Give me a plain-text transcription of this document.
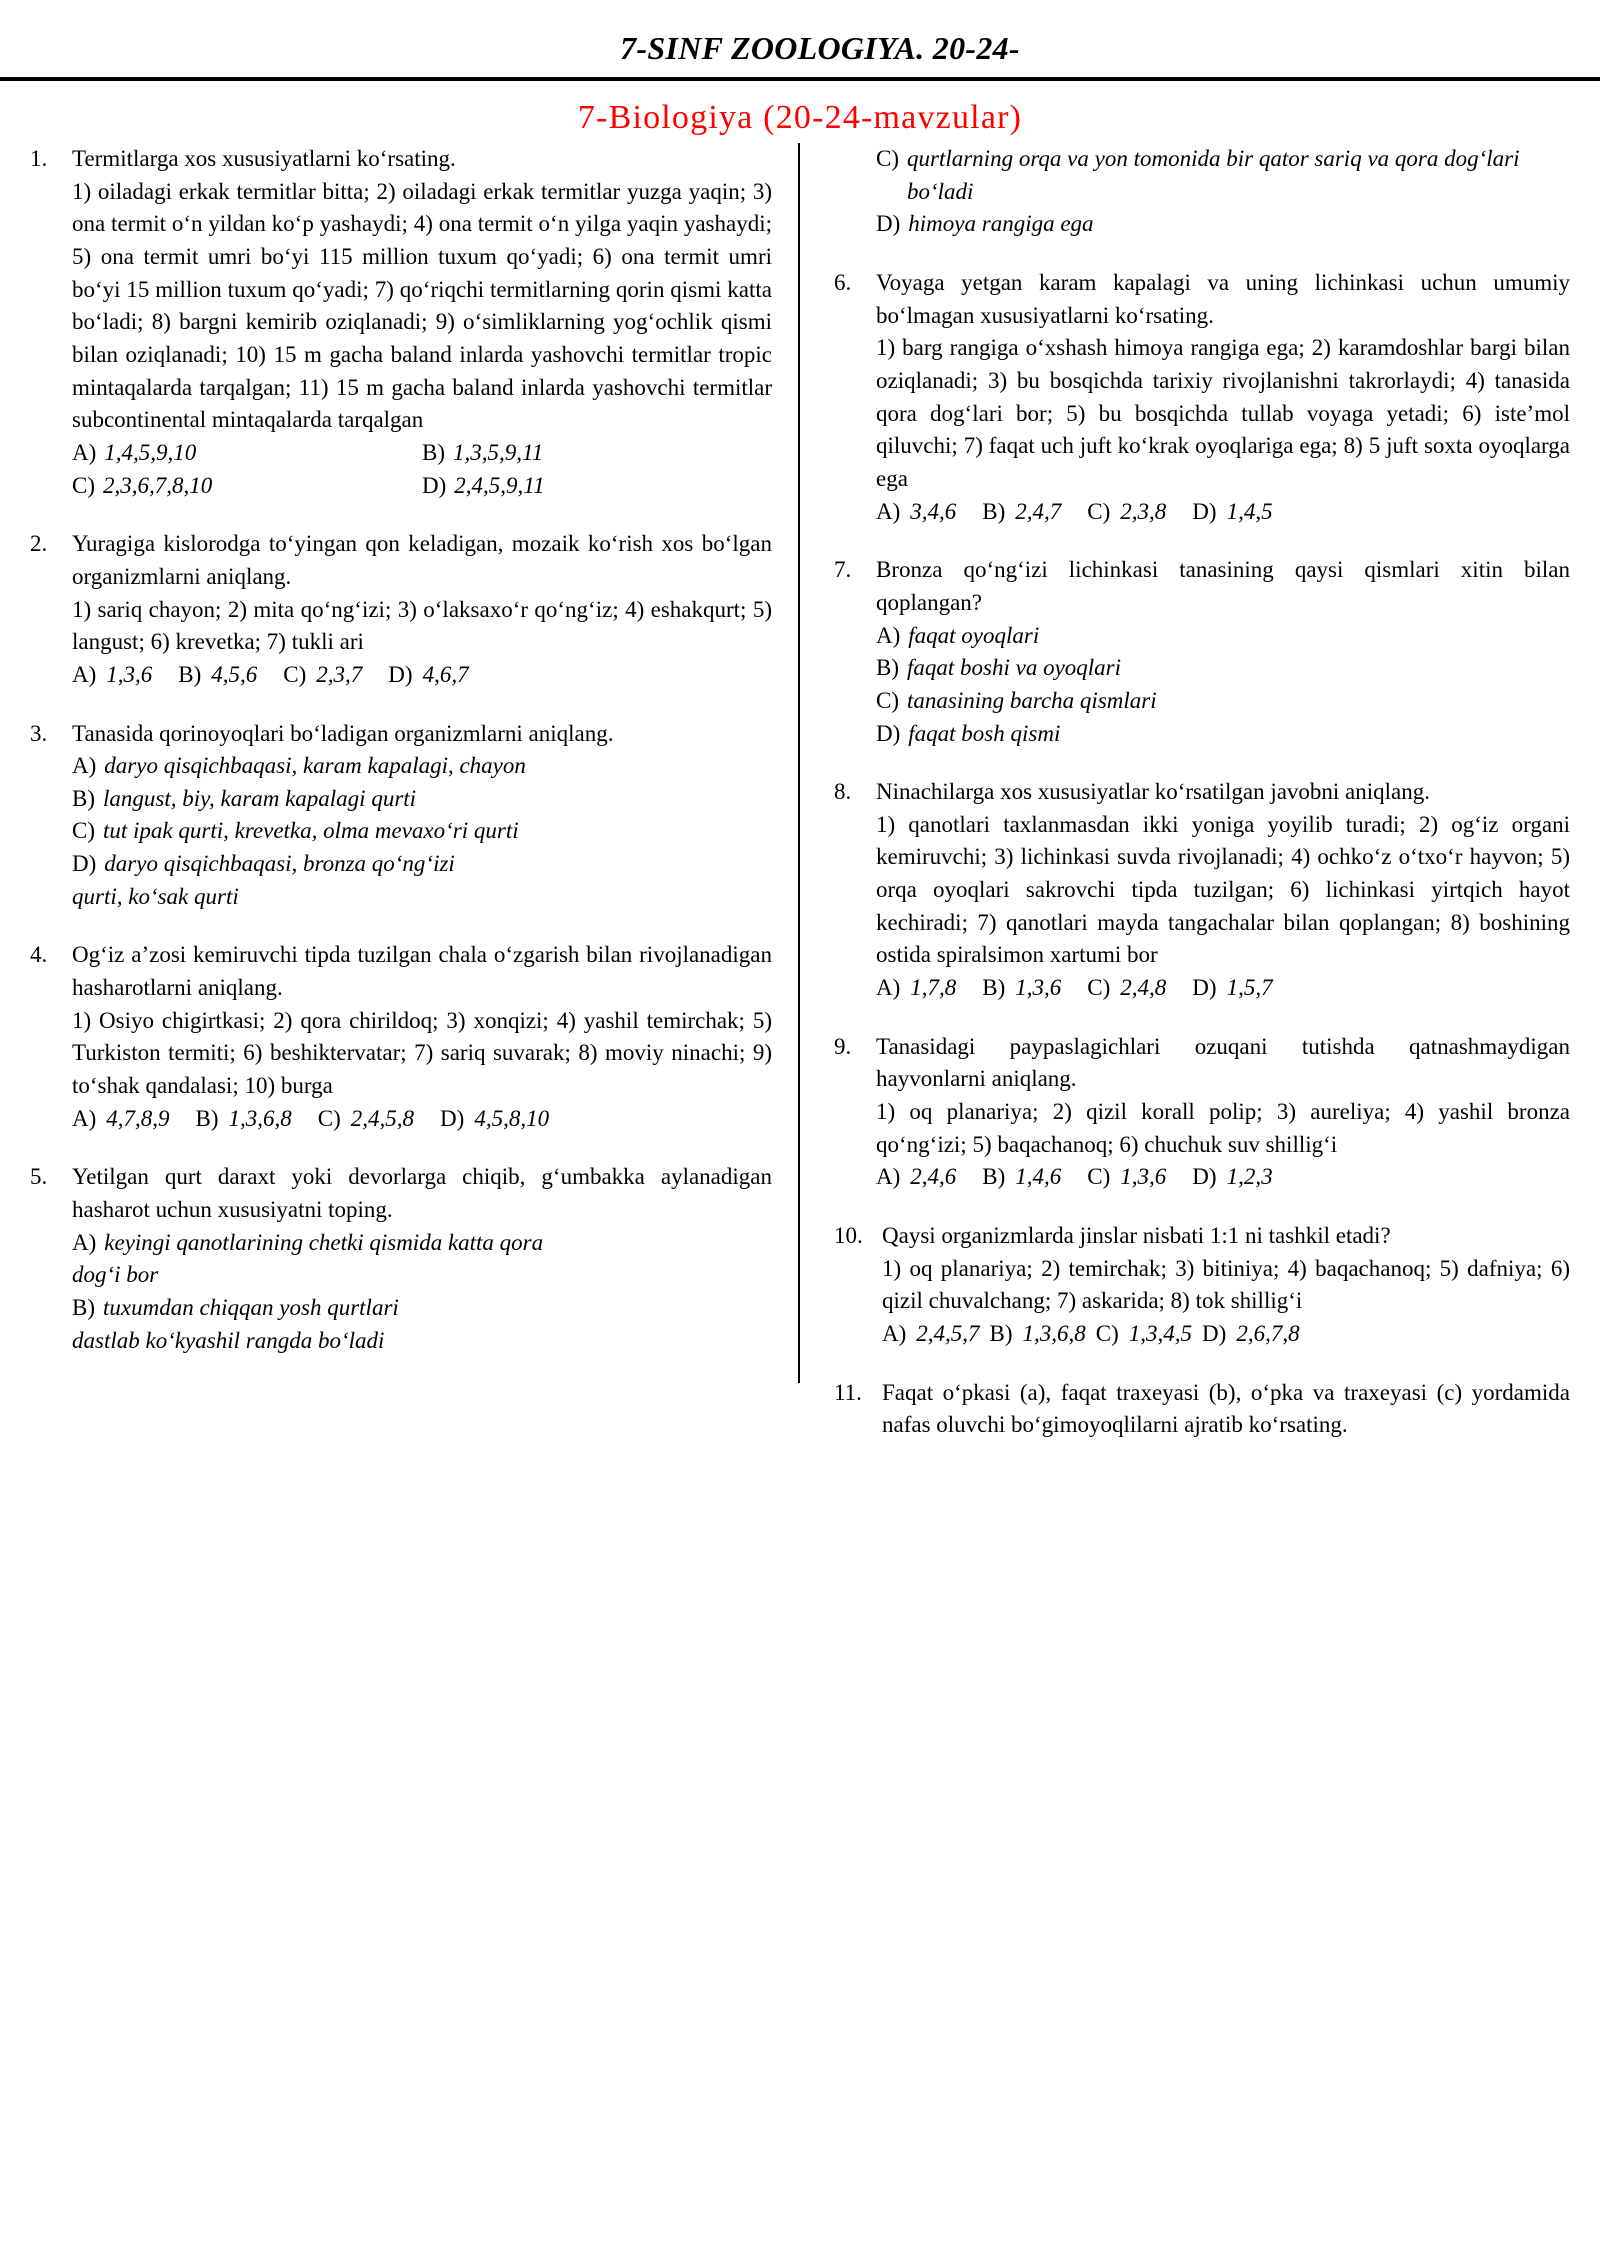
7-SINF ZOOLOGIYA. 20-24-
7-Biologiya (20-24-mavzular)
1.	Termitlarga xos xususiyatlarni ko‘rsating.

1) oiladagi erkak termitlar bitta; 2) oiladagi erkak termitlar yuzga yaqin; 3) ona termit o‘n yildan ko‘p yashaydi; 4) ona termit o‘n yilga yaqin yashaydi; 5) ona termit umri bo‘yi 115 million tuxum qo‘yadi; 6) ona termit umri bo‘yi 15 million tuxum qo‘yadi; 7) qo‘riqchi termitlarning qorin qismi katta bo‘ladi; 8) bargni kemirib oziqlanadi; 9) o‘simliklarning yog‘ochlik qismi bilan oziqlanadi; 10) 15 m gacha baland inlarda yashovchi termitlar tropic mintaqalarda tarqalgan; 11) 15 m gacha baland inlarda yashovchi termitlar subcontinental mintaqalarda tarqalgan

A) 1,4,5,9,10	B) 1,3,5,9,11
C) 2,3,6,7,8,10	D) 2,4,5,9,11
2.	Yuragiga kislorodga to‘yingan qon keladigan, mozaik ko‘rish xos bo‘lgan organizmlarni aniqlang.

1) sariq chayon; 2) mita qo‘ng‘izi; 3) o‘laksaxo‘r qo‘ng‘iz; 4) eshakqurt; 5) langust; 6) krevetka; 7) tukli ari

A) 1,3,6 B) 4,5,6 C) 2,3,7 D) 4,6,7

3.	Tanasida qorinoyoqlari bo‘ladigan organizmlarni aniqlang.

A) daryo qisqichbaqasi, karam kapalagi, chayon
B) langust, biy, karam kapalagi qurti
C) tut ipak qurti, krevetka, olma mevaxo‘ri qurti
D) daryo qisqichbaqasi, bronza qo‘ng‘izi

qurti, ko‘sak qurti

4.	Og‘iz a’zosi kemiruvchi tipda tuzilgan chala o‘zgarish bilan rivojlanadigan hasharotlarni aniqlang.

1) Osiyo chigirtkasi; 2) qora chirildoq; 3) xonqizi; 4) yashil temirchak; 5) Turkiston termiti; 6) beshiktervatar; 7) sariq suvarak; 8) moviy ninachi; 9) to‘shak qandalasi; 10) burga

A) 4,7,8,9 B) 1,3,6,8 C) 2,4,5,8 D) 4,5,8,10

5.	Yetilgan qurt daraxt yoki devorlarga chiqib, g‘umbakka aylanadigan hasharot uchun xususiyatni toping.

A) keyingi qanotlarining chetki qismida katta qora

dog‘i bor

B) tuxumdan chiqqan yosh qurtlari

dastlab ko‘kyashil rangda bo‘ladi

C) qurtlarning orqa va yon tomonida bir qator sariq va qora dog‘lari bo‘ladi
D) himoya rangiga ega
6.	Voyaga yetgan karam kapalagi va uning lichinkasi uchun umumiy bo‘lmagan xususiyatlarni ko‘rsating.

1) barg rangiga o‘xshash himoya rangiga ega; 2) karamdoshlar bargi bilan oziqlanadi; 3) bu bosqichda tarixiy rivojlanishni takrorlaydi; 4) tanasida qora dog‘lari bor; 5) bu bosqichda tullab voyaga yetadi; 6) iste’mol qiluvchi; 7) faqat uch juft ko‘krak oyoqlariga ega; 8) 5 juft soxta oyoqlarga ega

A) 3,4,6 B) 2,4,7 C) 2,3,8 D) 1,4,5

7.	Bronza qo‘ng‘izi lichinkasi tanasining qaysi qismlari xitin bilan qoplangan?

A) faqat oyoqlari
B) faqat boshi va oyoqlari
C) tanasining barcha qismlari
D) faqat bosh qismi
8.	Ninachilarga xos xususiyatlar ko‘rsatilgan javobni aniqlang.

1) qanotlari taxlanmasdan ikki yoniga yoyilib turadi; 2) og‘iz organi kemiruvchi; 3) lichinkasi suvda rivojlanadi; 4) ochko‘z o‘txo‘r hayvon; 5) orqa oyoqlari sakrovchi tipda tuzilgan; 6) lichinkasi yirtqich hayot kechiradi; 7) qanotlari mayda tangachalar bilan qoplangan; 8) boshining ostida spiralsimon xartumi bor

A) 1,7,8 B) 1,3,6 C) 2,4,8 D) 1,5,7

9.	Tanasidagi paypaslagichlari ozuqani tutishda qatnashmaydigan hayvonlarni aniqlang.

1) oq planariya; 2) qizil korall polip; 3) aureliya; 4) yashil bronza qo‘ng‘izi; 5) baqachanoq; 6) chuchuk suv shillig‘i

A) 2,4,6 B) 1,4,6 C) 1,3,6 D) 1,2,3

10. Qaysi organizmlarda jinslar nisbati 1:1 ni tashkil etadi?

1) oq planariya; 2) temirchak; 3) bitiniya; 4) baqachanoq; 5) dafniya; 6) qizil chuvalchang; 7) askarida; 8) tok shillig‘i

A) 2,4,5,7 B) 1,3,6,8 C) 1,3,4,5 D) 2,6,7,8

11. Faqat o‘pkasi (a), faqat traxeyasi (b), o‘pka va traxeyasi (c) yordamida nafas oluvchi bo‘gimoyoqlilarni ajratib ko‘rsating.
